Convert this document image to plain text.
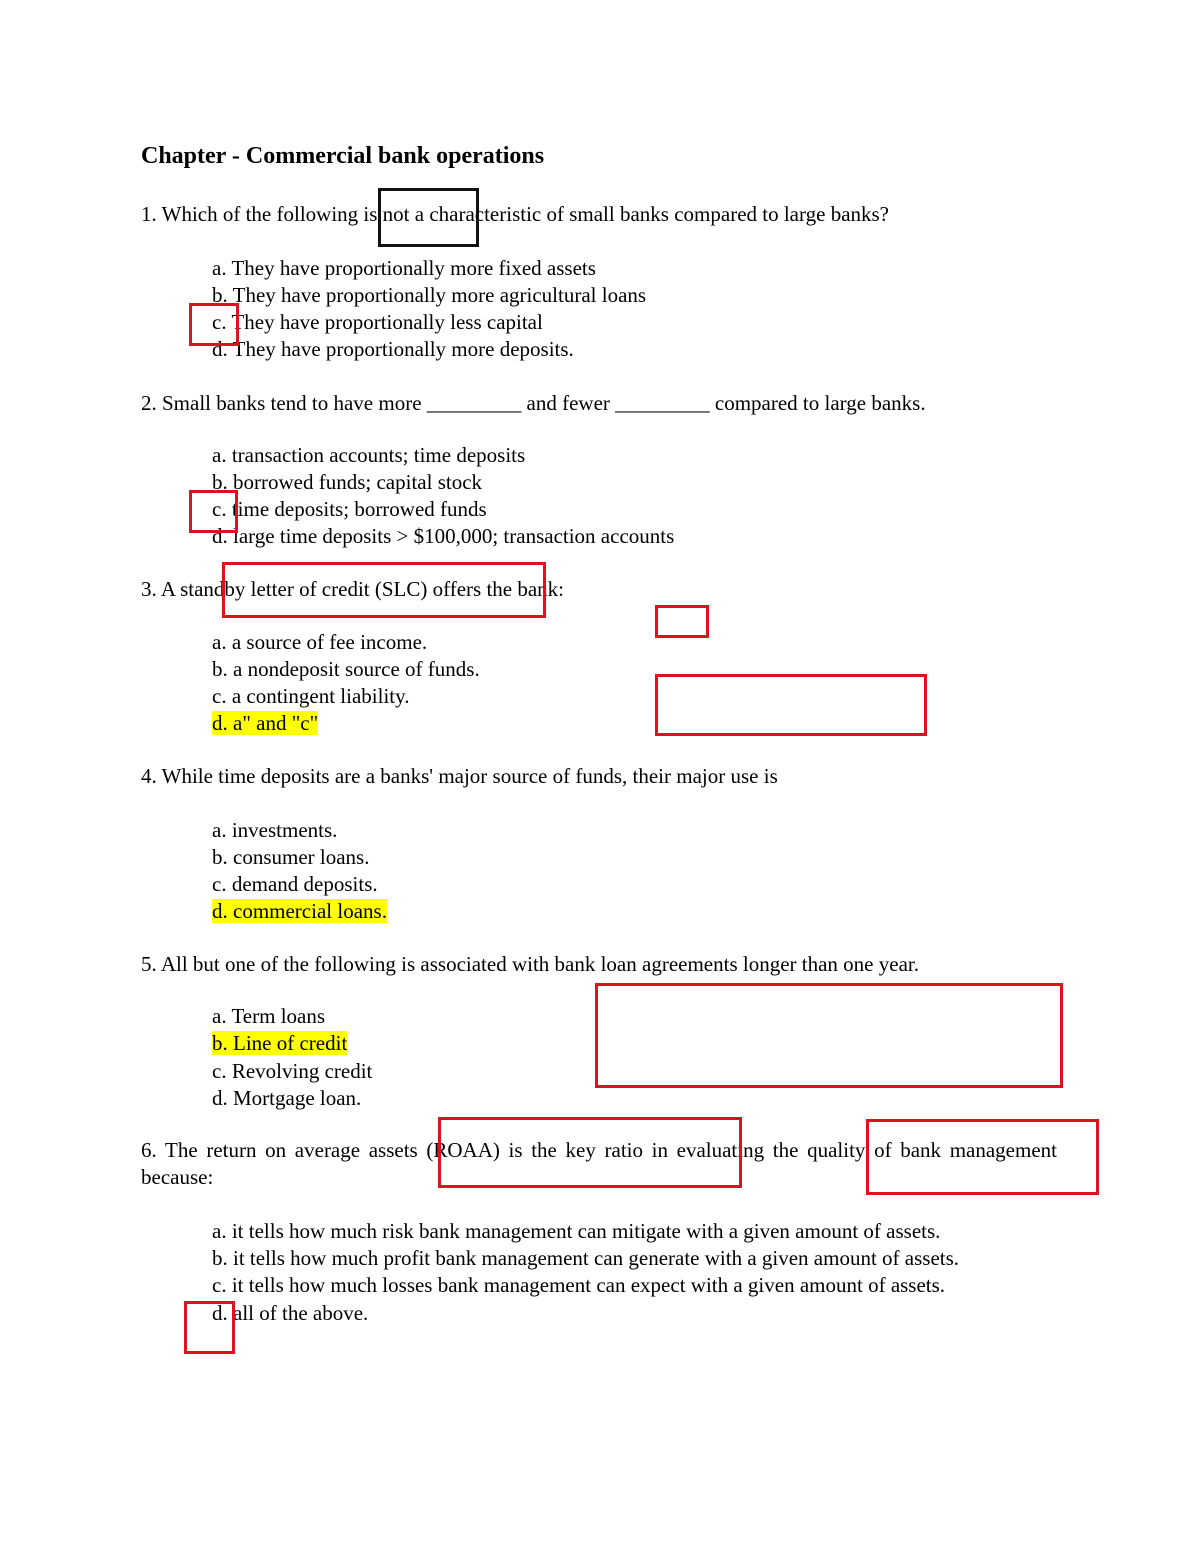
Chapter - Commercial bank operations
1. Which of the following is not a characteristic of small banks compared to large banks?
a. They have proportionally more fixed assets
b. They have proportionally more agricultural loans
c. They have proportionally less capital
d. They have proportionally more deposits.
2. Small banks tend to have more _________ and fewer _________ compared to large banks.
a. transaction accounts; time deposits
b. borrowed funds; capital stock
c. time deposits; borrowed funds
d. large time deposits > $100,000; transaction accounts
3. A standby letter of credit (SLC) offers the bank:
a. a source of fee income.
b. a nondeposit source of funds.
c. a contingent liability.
d. a" and "c"
4. While time deposits are a banks' major source of funds, their major use is
a. investments.
b. consumer loans.
c. demand deposits.
d. commercial loans.
5. All but one of the following is associated with bank loan agreements longer than one year.
a. Term loans
b. Line of credit
c. Revolving credit
d. Mortgage loan.

6. The return on average assets (ROAA) is the key ratio in evaluating the quality of bank management because:

a. it tells how much risk bank management can mitigate with a given amount of assets.
b. it tells how much profit bank management can generate with a given amount of assets.
c. it tells how much losses bank management can expect with a given amount of assets.
d. all of the above.
